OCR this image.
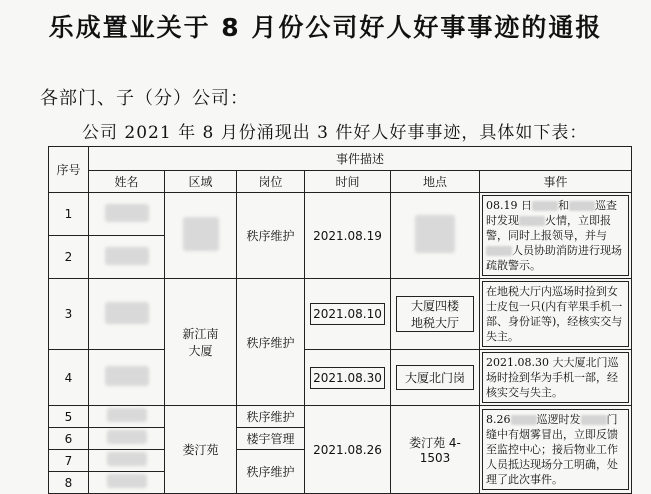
乐成置业关于 8 月份公司好人好事事迹的通报
各部门、子（分）公司：
公司 2021 年 8 月份涌现出 3 件好人好事事迹，具体如下表：
序号	事件描述					
	姓名	区域	岗位	时间	地点	事件
1			秩序维护	2021.08.19		08.19 日 和 巡查时发现 火情，立即报警，同时上报领导，并与人员协助消防进行现场疏散警示。

2						
3		新江南大厦	秩序维护	2021.08.10	大厦四楼地税大厅	在地税大厅内巡场时捡到女士皮包一只(内有苹果手机一部、身份证等)，经核实交与失主。

4				2021.08.30	大厦北门岗	2021.08.30 大大厦北门巡场时捡到华为手机一部，经核实交与失主。

5		娄汀苑	秩序维护	2021.08.26	娄汀苑 4-1503	8.26 巡逻时发 门缝中有烟雾冒出，立即反馈至监控中心；接后物业工作人员抵达现场分工明确，处理了此次事件。

6			楼宇管理			
7			秩序维护			
8						
